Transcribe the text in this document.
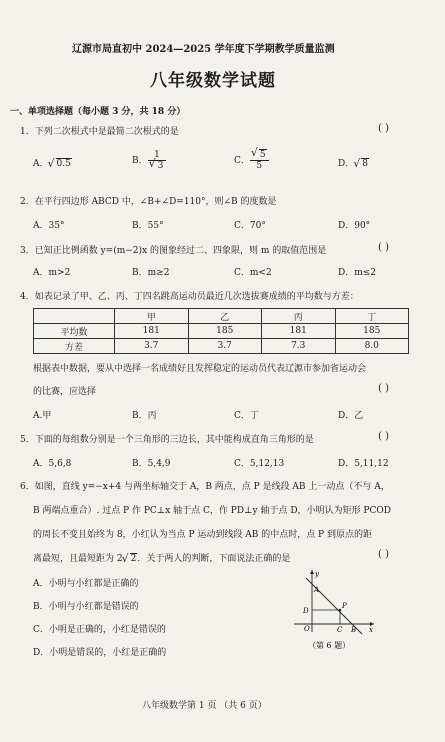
辽源市局直初中 2024—2025 学年度下学期教学质量监测
八年级数学试题
一、单项选择题（每小题 3 分，共 18 分）
1．下列二次根式中是最简二次根式的是	( )
A． √ 0.5	B． 1
√ 3	C． √ $\frac{5}{5}$	D． √ 8
2．在平行四边形 ABCD 中，∠B+∠D=110°，则∠B 的度数是
A．35°	B．55°	C．70°	D．90°
3．已知正比例函数 y=(m−2)x 的图象经过二、四象限，则 m 的取值范围是	( )
A．m>2	B．m≥2	C．m<2	D．m≤2
4．如表记录了甲、乙、丙、丁四名跳高运动员最近几次选拔赛成绩的平均数与方差：
	甲	乙	丙	丁
平均数	181	185	181	185
方差	3.7	3.7	7.3	8.0
根据表中数据，要从中选择一名成绩好且发挥稳定的运动员代表辽源市参加省运动会
的比赛，应选择	( )
A.甲	B．丙	C．丁	D．乙
5．下面的每组数分别是一个三角形的三边长，其中能构成直角三角形的是	( )
A．5,6,8	B．5,4,9	C．5,12,13	D．5,11,12
6．如图，直线 y=−x+4 与两坐标轴交于 A，B 两点，点 P 是线段 AB 上一动点（不与 A，
B 两端点重合）. 过点 P 作 PC⊥x 轴于点 C，作 PD⊥y 轴于点 D，小明认为矩形 PCOD
的周长不变且始终为 8，小红认为当点 P 运动到线段 AB 的中点时，点 P 到原点的距
离最短，且最短距为 2 √ 2．关于两人的判断，下面说法正确的是	( )
A．小明与小红都是正确的
B．小明与小红都是错误的
C．小明是正确的，小红是错误的
D．小明是错误的，小红是正确的
y
A
D
P
O	C B x
（第 6 题）
八年级数学第 1 页 （共 6 页）
